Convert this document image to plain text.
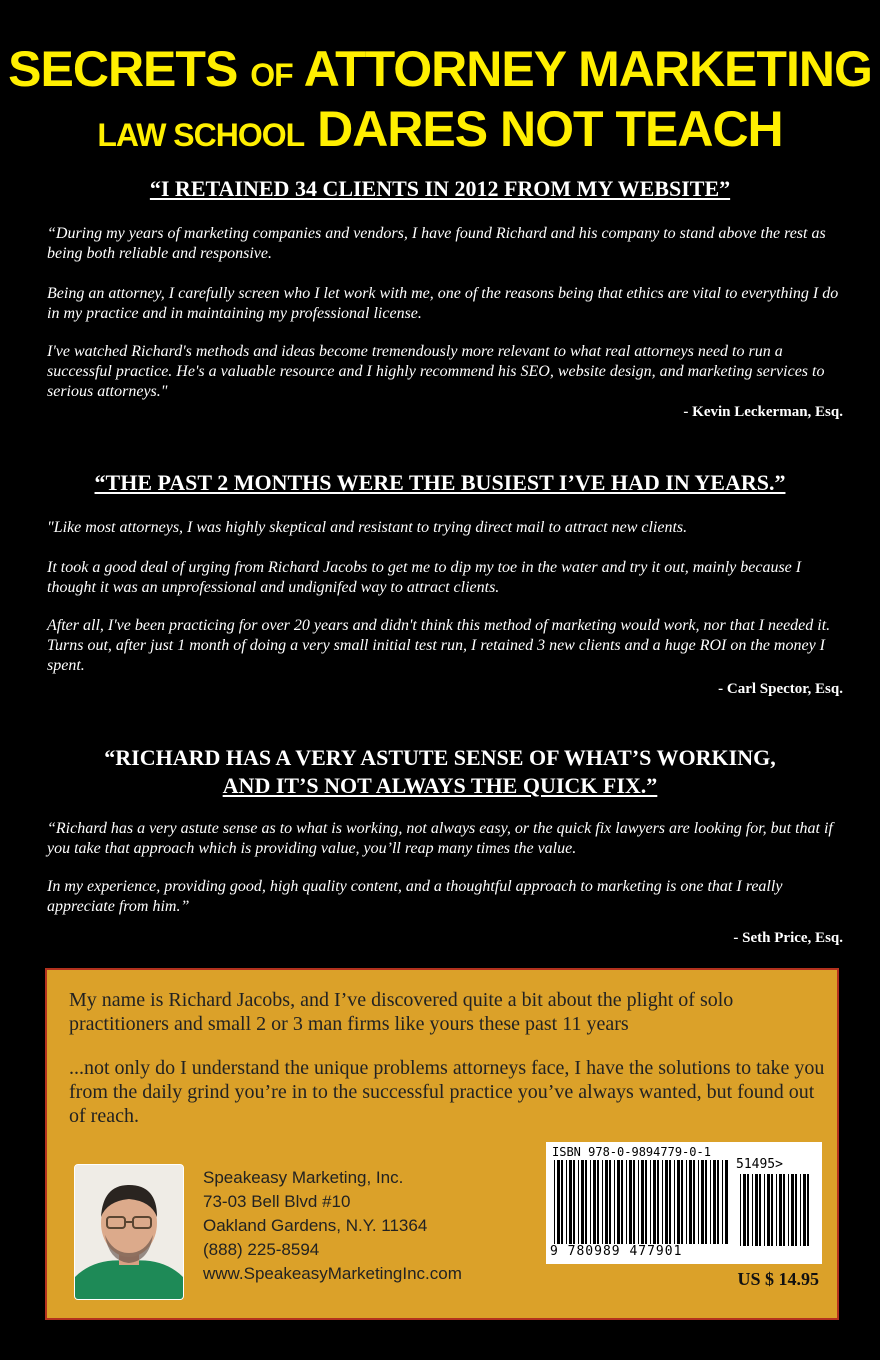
SECRETS OF ATTORNEY MARKETING
LAW SCHOOL DARES NOT TEACH
“I RETAINED 34 CLIENTS IN 2012 FROM MY WEBSITE”
“During my years of marketing companies and vendors, I have found Richard and his company to stand above the rest as being both reliable and responsive.
Being an attorney, I carefully screen who I let work with me, one of the reasons being that ethics are vital to everything I do in my practice and in maintaining my professional license.
I've watched Richard's methods and ideas become tremendously more relevant to what real attorneys need to run a successful practice. He's a valuable resource and I highly recommend his SEO, website design, and marketing services to serious attorneys."
- Kevin Leckerman, Esq.
“THE PAST 2 MONTHS WERE THE BUSIEST I’VE HAD IN YEARS.”
"Like most attorneys, I was highly skeptical and resistant to trying direct mail to attract new clients.
It took a good deal of urging from Richard Jacobs to get me to dip my toe in the water and try it out, mainly because I thought it was an unprofessional and undignifed way to attract clients.
After all, I've been practicing for over 20 years and didn't think this method of marketing would work, nor that I needed it. Turns out, after just 1 month of doing a very small initial test run, I retained 3 new clients and a huge ROI on the money I spent.
- Carl Spector, Esq.
“RICHARD HAS A VERY ASTUTE SENSE OF WHAT’S WORKING,
AND IT’S NOT ALWAYS THE QUICK FIX.”
“Richard has a very astute sense as to what is working, not always easy, or the quick fix lawyers are looking for, but that if you take that approach which is providing value, you’ll reap many times the value.
In my experience, providing good, high quality content, and a thoughtful approach to marketing is one that I really appreciate from him.”
- Seth Price, Esq.
My name is Richard Jacobs, and I’ve discovered quite a bit about the plight of solo practitioners and small 2 or 3 man firms like yours these past 11 years
...not only do I understand the unique problems attorneys face, I have the solutions to take you from the daily grind you’re in to the successful practice you’ve always wanted, but found out of reach.
Speakeasy Marketing, Inc.
73-03 Bell Blvd #10
Oakland Gardens, N.Y. 11364
(888) 225-8594
www.SpeakeasyMarketingInc.com
ISBN 978-0-9894779-0-1
51495>
9 780989 477901
US $ 14.95
